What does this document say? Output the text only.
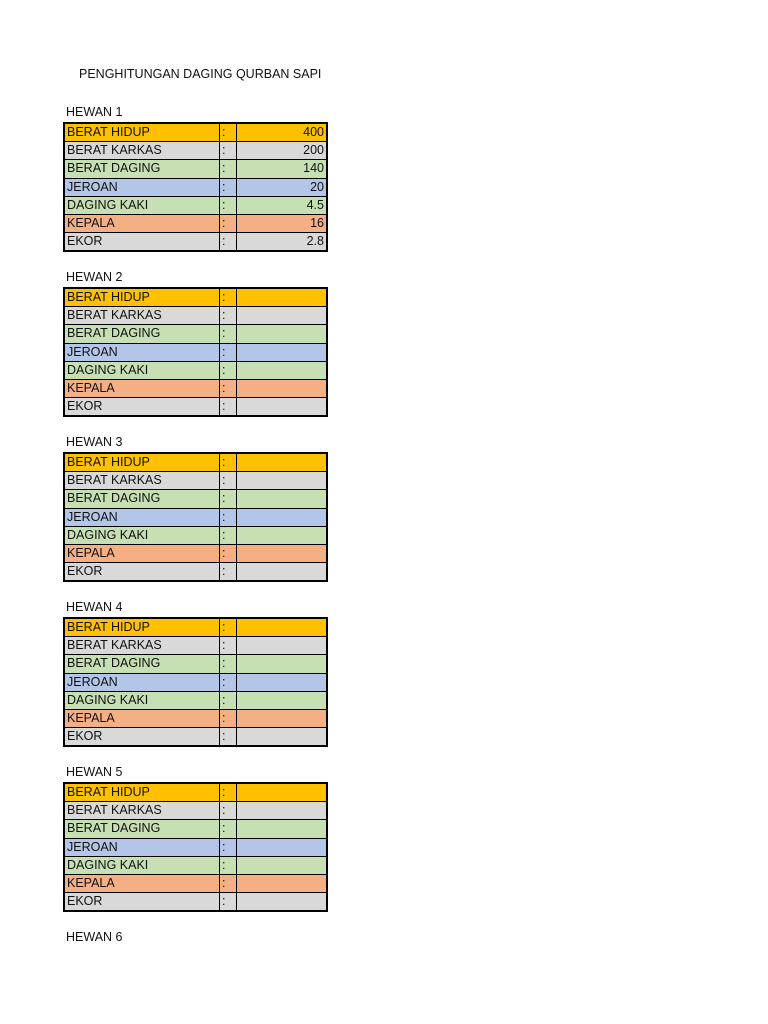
PENGHITUNGAN DAGING QURBAN SAPI
HEWAN 1
BERAT HIDUP	:	400
BERAT KARKAS	:	200
BERAT DAGING	:	140
JEROAN	:	20
DAGING KAKI	:	4.5
KEPALA	:	16
EKOR	:	2.8
HEWAN 2
BERAT HIDUP	:	
BERAT KARKAS	:	
BERAT DAGING	:	
JEROAN	:	
DAGING KAKI	:	
KEPALA	:	
EKOR	:	
HEWAN 3
BERAT HIDUP	:	
BERAT KARKAS	:	
BERAT DAGING	:	
JEROAN	:	
DAGING KAKI	:	
KEPALA	:	
EKOR	:	
HEWAN 4
BERAT HIDUP	:	
BERAT KARKAS	:	
BERAT DAGING	:	
JEROAN	:	
DAGING KAKI	:	
KEPALA	:	
EKOR	:	
HEWAN 5
BERAT HIDUP	:	
BERAT KARKAS	:	
BERAT DAGING	:	
JEROAN	:	
DAGING KAKI	:	
KEPALA	:	
EKOR	:	
HEWAN 6
